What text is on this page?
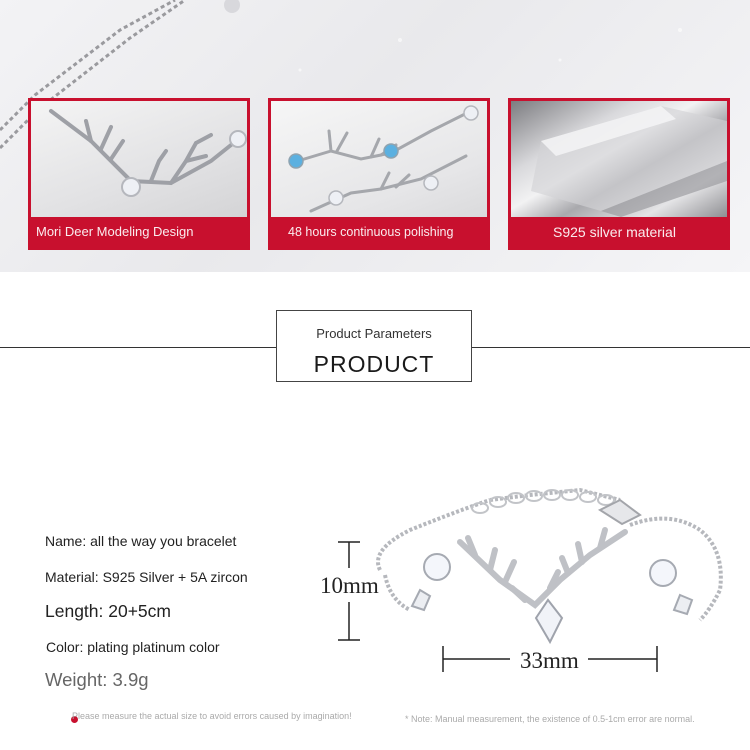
Mori Deer Modeling Design	48 hours continuous polishing	S925 silver material
Product Parameters
PRODUCT
Name: all the way you bracelet
Material: S925 Silver + 5A zircon
Length: 20+5cm
Color: plating platinum color
Weight: 3.9g
10mm
33mm
Please measure the actual size to avoid errors caused by imagination!	* Note: Manual measurement, the existence of 0.5-1cm error are normal.
